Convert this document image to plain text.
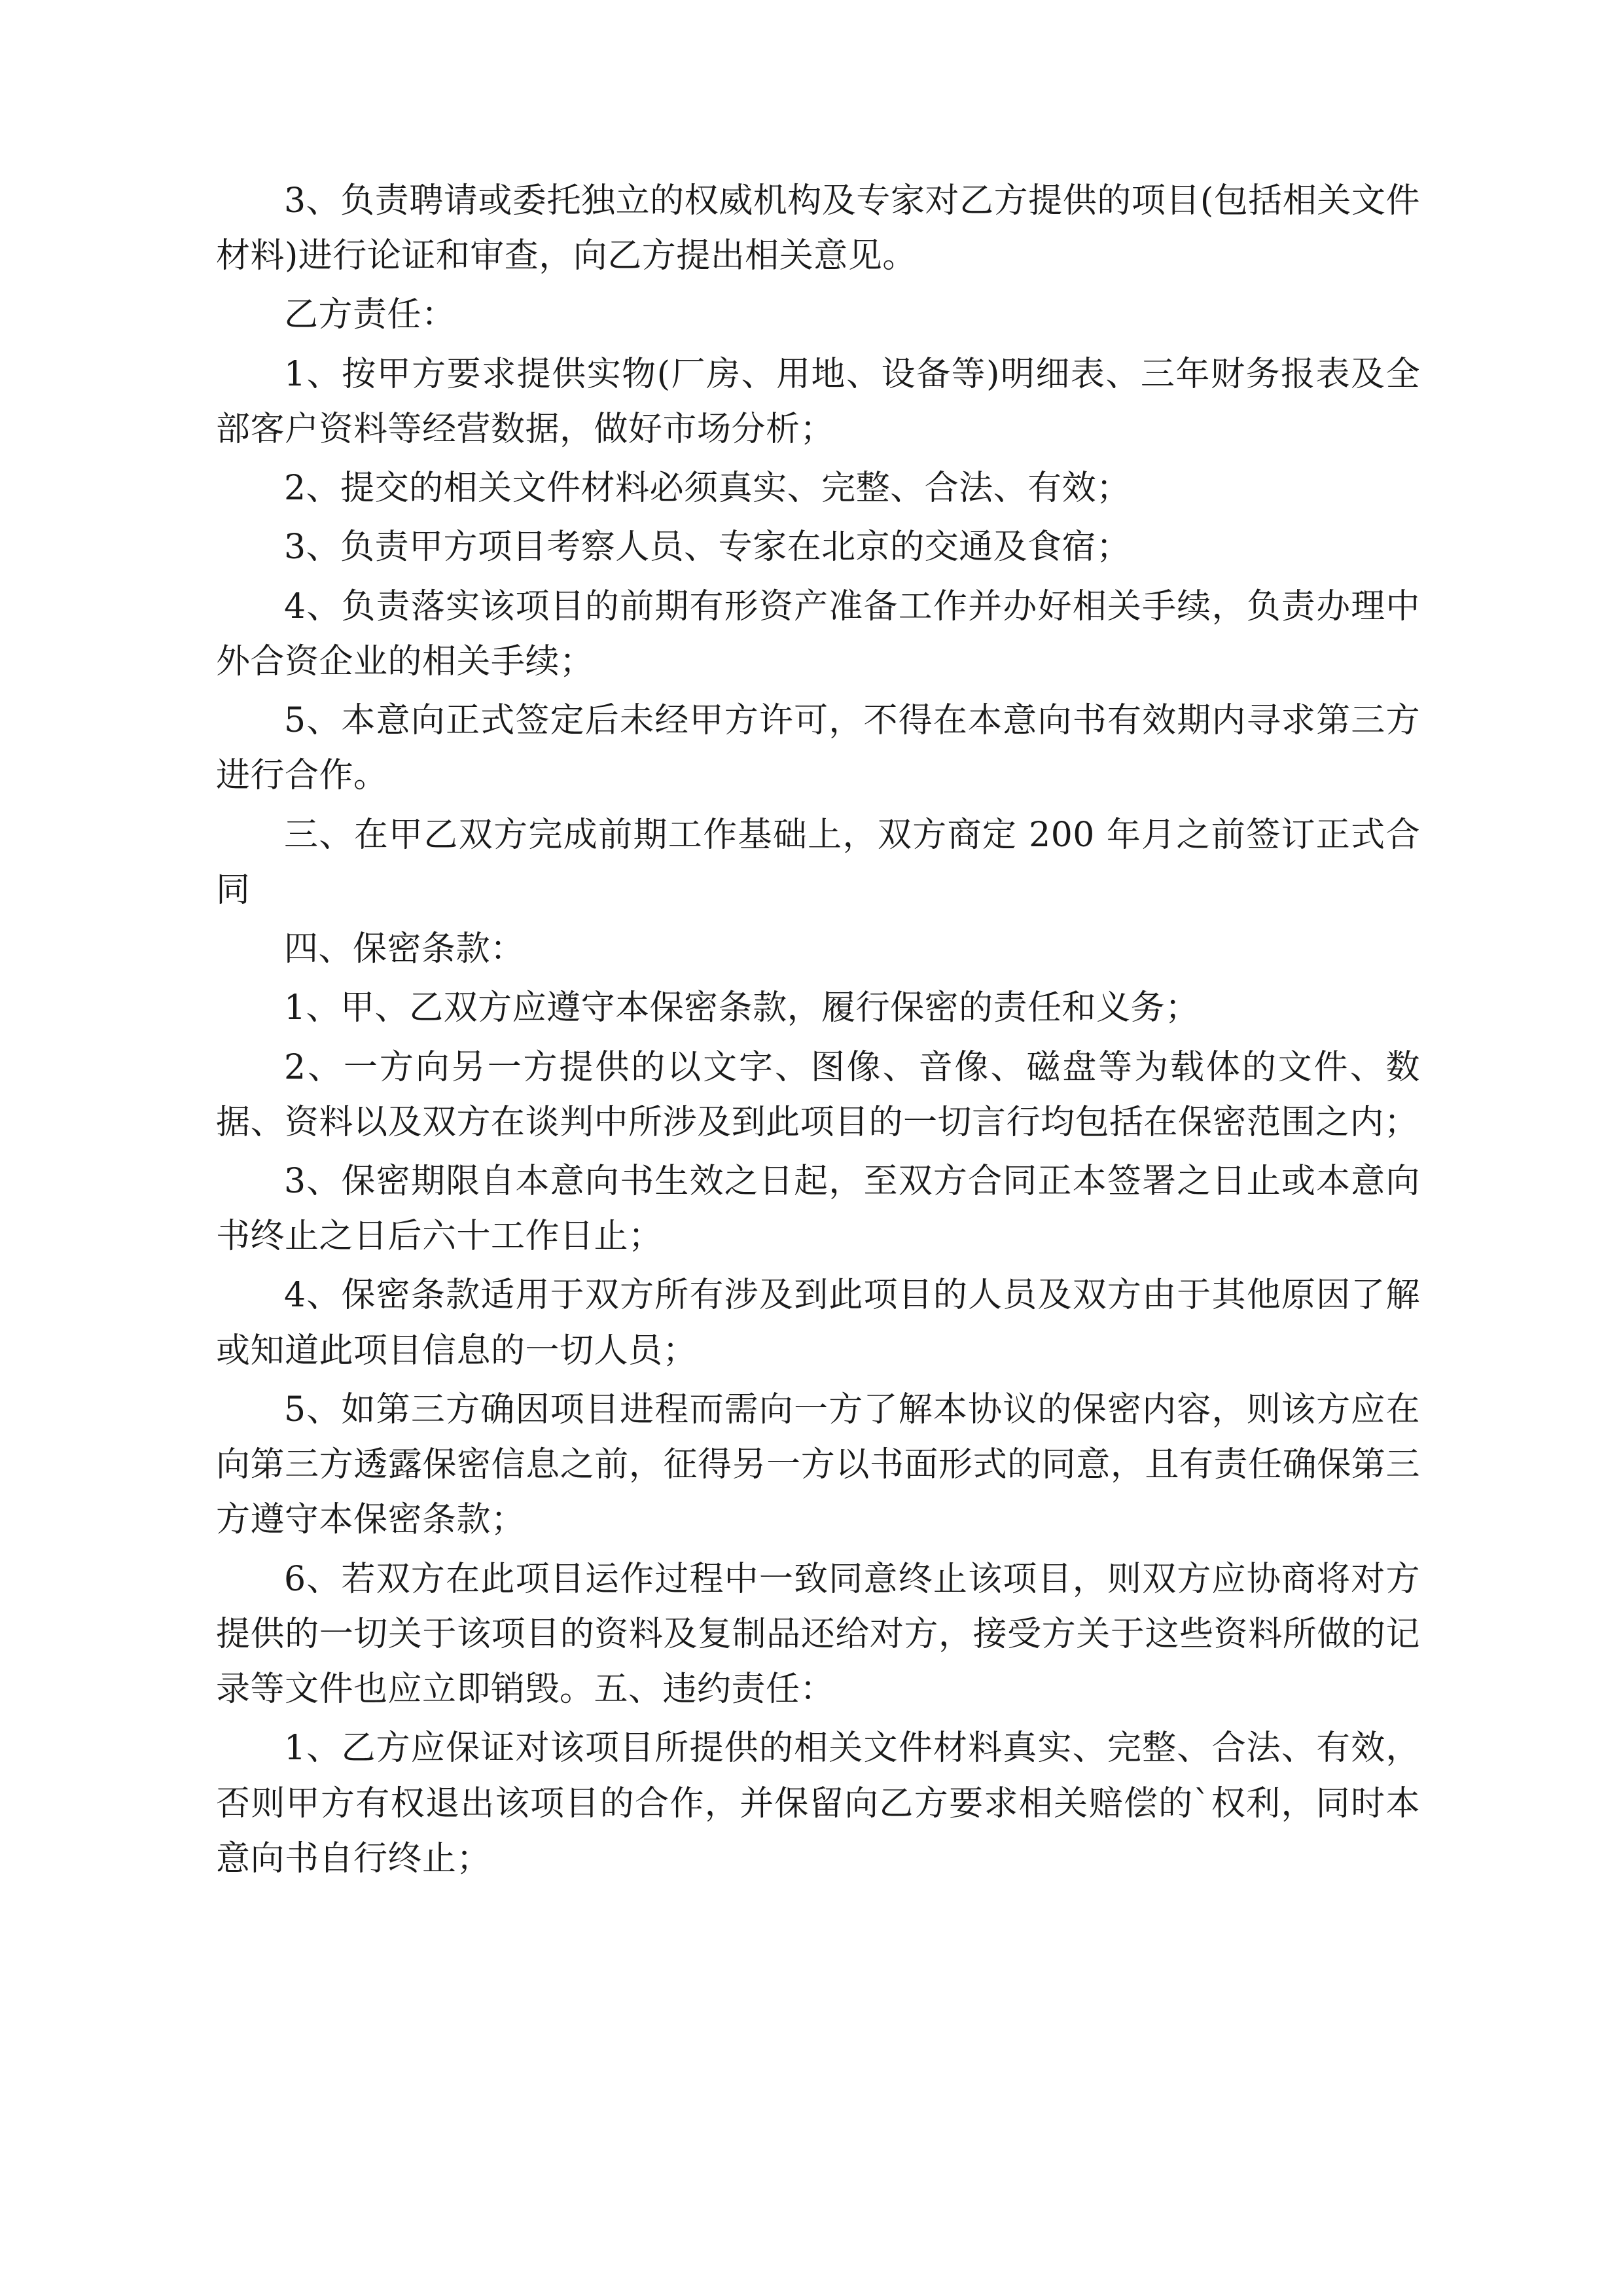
3、负责聘请或委托独立的权威机构及专家对乙方提供的项目(包括相关文件材料)进行论证和审查，向乙方提出相关意见。

乙方责任：

1、按甲方要求提供实物(厂房、用地、设备等)明细表、三年财务报表及全部客户资料等经营数据，做好市场分析；

2、提交的相关文件材料必须真实、完整、合法、有效；

3、负责甲方项目考察人员、专家在北京的交通及食宿；

4、负责落实该项目的前期有形资产准备工作并办好相关手续，负责办理中外合资企业的相关手续；

5、本意向正式签定后未经甲方许可，不得在本意向书有效期内寻求第三方进行合作。

三、在甲乙双方完成前期工作基础上，双方商定 200 年月之前签订正式合同

四、保密条款：

1、甲、乙双方应遵守本保密条款，履行保密的责任和义务；

2、一方向另一方提供的以文字、图像、音像、磁盘等为载体的文件、数据、资料以及双方在谈判中所涉及到此项目的一切言行均包括在保密范围之内；

3、保密期限自本意向书生效之日起，至双方合同正本签署之日止或本意向书终止之日后六十工作日止；

4、保密条款适用于双方所有涉及到此项目的人员及双方由于其他原因了解或知道此项目信息的一切人员；

5、如第三方确因项目进程而需向一方了解本协议的保密内容，则该方应在向第三方透露保密信息之前，征得另一方以书面形式的同意，且有责任确保第三方遵守本保密条款；

6、若双方在此项目运作过程中一致同意终止该项目，则双方应协商将对方提供的一切关于该项目的资料及复制品还给对方，接受方关于这些资料所做的记录等文件也应立即销毁。五、违约责任：

1、乙方应保证对该项目所提供的相关文件材料真实、完整、合法、有效，否则甲方有权退出该项目的合作，并保留向乙方要求相关赔偿的`权利，同时本意向书自行终止；
